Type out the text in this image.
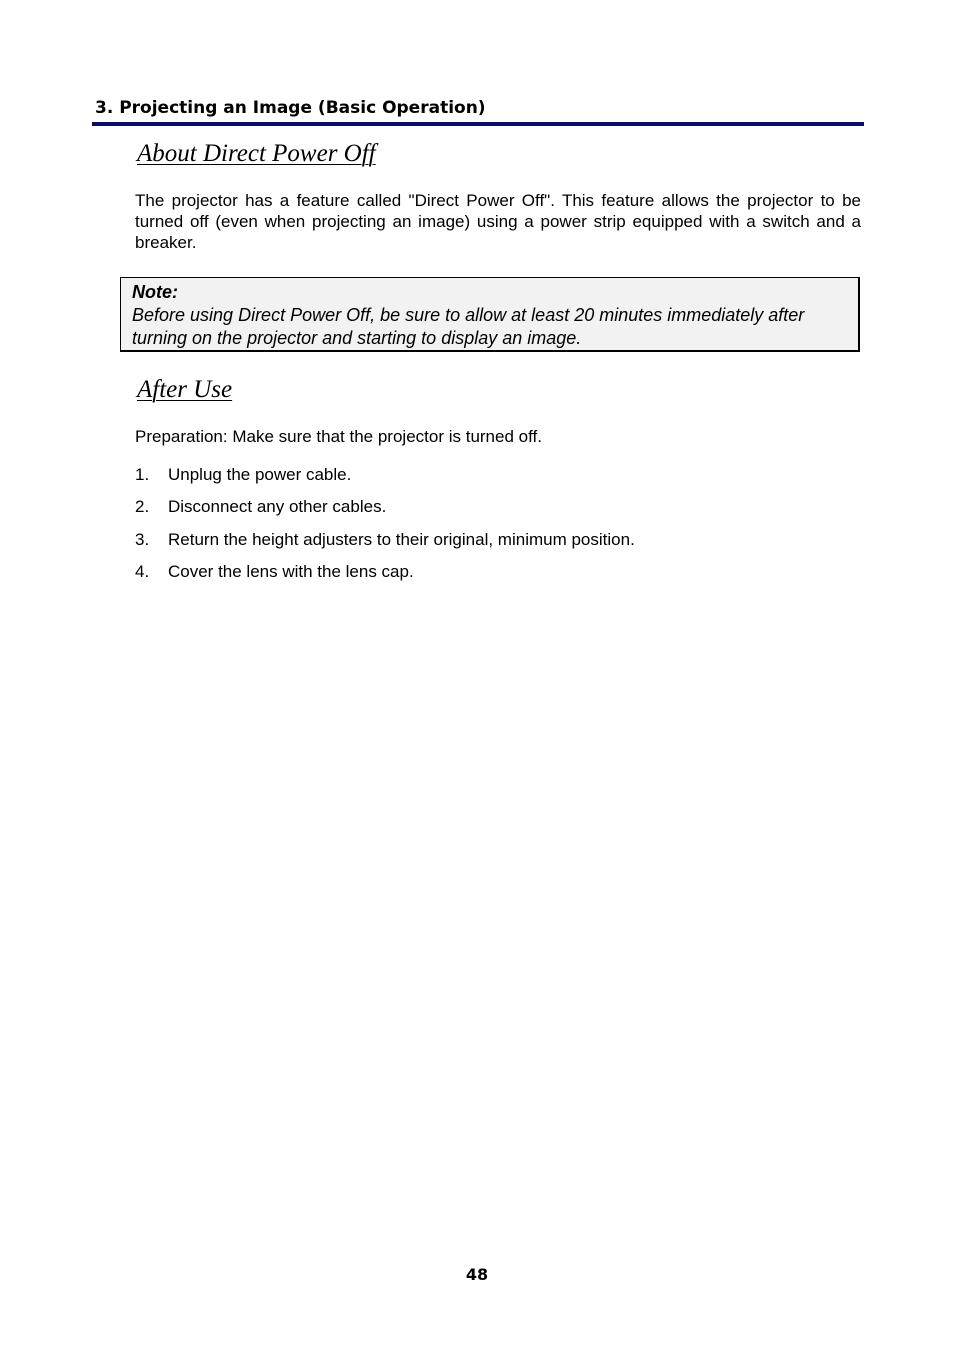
3. Projecting an Image (Basic Operation)
About Direct Power Off
The projector has a feature called "Direct Power Off". This feature allows the projector to be turned off (even when projecting an image) using a power strip equipped with a switch and a breaker.
Note:
Before using Direct Power Off, be sure to allow at least 20 minutes immediately after turning on the projector and starting to display an image.
After Use
Preparation: Make sure that the projector is turned off.
1. Unplug the power cable.
2. Disconnect any other cables.
3. Return the height adjusters to their original, minimum position.
4. Cover the lens with the lens cap.
48
